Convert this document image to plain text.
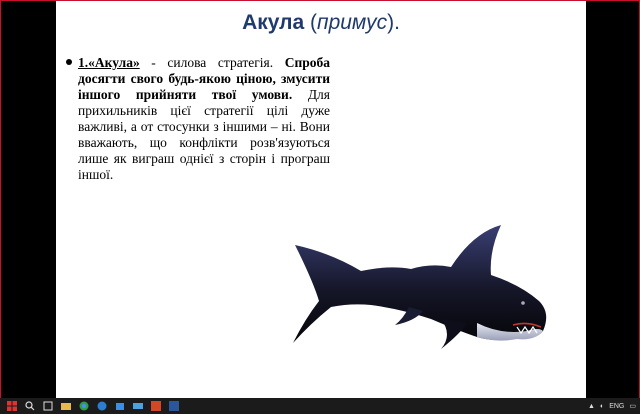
Акула (примус).
1.«Акула» - силова стратегія. Спроба досягти свого будь-якою ціною, змусити іншого прийняти твої умови. Для прихильників цієї стратегії цілі дуже важливі, а от стосунки з іншими – ні. Вони вважають, що конфлікти розв'язуються лише як виграш однієї з сторін і програш іншої.
▲ ◐ ENG ▭
